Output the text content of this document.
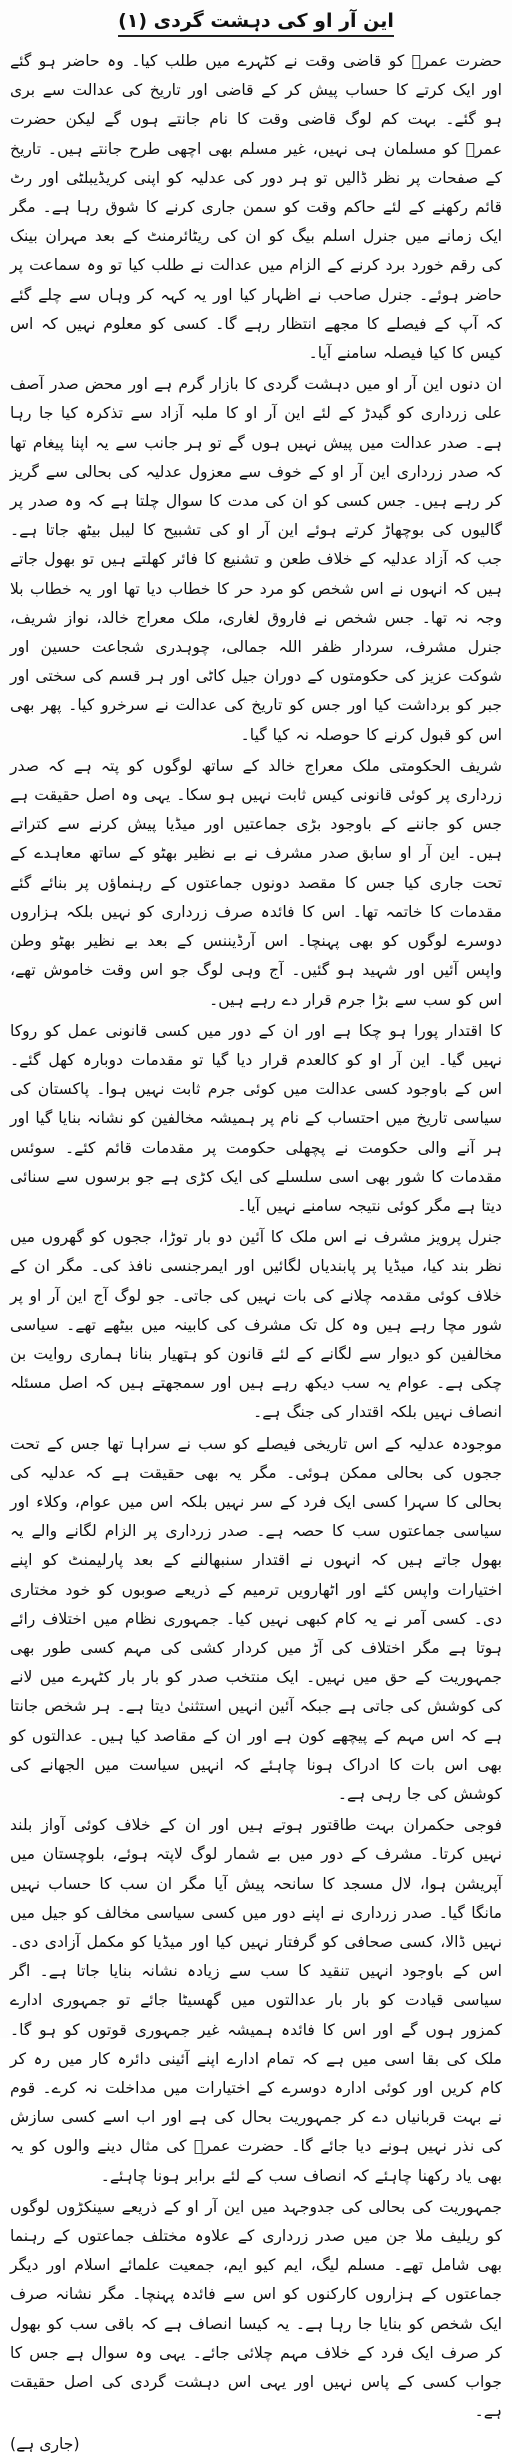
این آر او کی دہشت گردی (۱)

حضرت عمرؓ کو قاضی وقت نے کٹہرے میں طلب کیا۔ وہ حاضر ہو گئے اور ایک کرتے کا حساب پیش کر کے قاضی اور تاریخ کی عدالت سے بری ہو گئے۔ بہت کم لوگ قاضی وقت کا نام جانتے ہوں گے لیکن حضرت عمرؓ کو مسلمان ہی نہیں، غیر مسلم بھی اچھی طرح جانتے ہیں۔ تاریخ کے صفحات پر نظر ڈالیں تو ہر دور کی عدلیہ کو اپنی کریڈیبلٹی اور رٹ قائم رکھنے کے لئے حاکم وقت کو سمن جاری کرنے کا شوق رہا ہے۔ مگر ایک زمانے میں جنرل اسلم بیگ کو ان کی ریٹائرمنٹ کے بعد مہران بینک کی رقم خورد برد کرنے کے الزام میں عدالت نے طلب کیا تو وہ سماعت پر حاضر ہوئے۔ جنرل صاحب نے اظہار کیا اور یہ کہہ کر وہاں سے چلے گئے کہ آپ کے فیصلے کا مجھے انتظار رہے گا۔ کسی کو معلوم نہیں کہ اس کیس کا کیا فیصلہ سامنے آیا۔

ان دنوں این آر او میں دہشت گردی کا بازار گرم ہے اور محض صدر آصف علی زرداری کو گیدڑ کے لئے این آر او کا ملبہ آزاد سے تذکرہ کیا جا رہا ہے۔ صدر عدالت میں پیش نہیں ہوں گے تو ہر جانب سے یہ اپنا پیغام تھا کہ صدر زرداری این آر او کے خوف سے معزول عدلیہ کی بحالی سے گریز کر رہے ہیں۔ جس کسی کو ان کی مدت کا سوال چلتا ہے کہ وہ صدر پر گالیوں کی بوچھاڑ کرتے ہوئے این آر او کی تشبیح کا لیبل بیٹھ جاتا ہے۔ جب کہ آزاد عدلیہ کے خلاف طعن و تشنیع کا فائر کھلتے ہیں تو بھول جاتے ہیں کہ انہوں نے اس شخص کو مرد حر کا خطاب دیا تھا اور یہ خطاب بلا وجہ نہ تھا۔ جس شخص نے فاروق لغاری، ملک معراج خالد، نواز شریف، جنرل مشرف، سردار ظفر اللہ جمالی، چوہدری شجاعت حسین اور شوکت عزیز کی حکومتوں کے دوران جیل کاٹی اور ہر قسم کی سختی اور جبر کو برداشت کیا اور جس کو تاریخ کی عدالت نے سرخرو کیا۔ پھر بھی اس کو قبول کرنے کا حوصلہ نہ کیا گیا۔

شریف الحکومتی ملک معراج خالد کے ساتھ لوگوں کو پتہ ہے کہ صدر زرداری پر کوئی قانونی کیس ثابت نہیں ہو سکا۔ یہی وہ اصل حقیقت ہے جس کو جاننے کے باوجود بڑی جماعتیں اور میڈیا پیش کرنے سے کتراتے ہیں۔ این آر او سابق صدر مشرف نے بے نظیر بھٹو کے ساتھ معاہدے کے تحت جاری کیا جس کا مقصد دونوں جماعتوں کے رہنماؤں پر بنائے گئے مقدمات کا خاتمہ تھا۔ اس کا فائدہ صرف زرداری کو نہیں بلکہ ہزاروں دوسرے لوگوں کو بھی پہنچا۔ اس آرڈیننس کے بعد بے نظیر بھٹو وطن واپس آئیں اور شہید ہو گئیں۔ آج وہی لوگ جو اس وقت خاموش تھے، اس کو سب سے بڑا جرم قرار دے رہے ہیں۔

کا اقتدار پورا ہو چکا ہے اور ان کے دور میں کسی قانونی عمل کو روکا نہیں گیا۔ این آر او کو کالعدم قرار دیا گیا تو مقدمات دوبارہ کھل گئے۔ اس کے باوجود کسی عدالت میں کوئی جرم ثابت نہیں ہوا۔ پاکستان کی سیاسی تاریخ میں احتساب کے نام پر ہمیشہ مخالفین کو نشانہ بنایا گیا اور ہر آنے والی حکومت نے پچھلی حکومت پر مقدمات قائم کئے۔ سوئس مقدمات کا شور بھی اسی سلسلے کی ایک کڑی ہے جو برسوں سے سنائی دیتا ہے مگر کوئی نتیجہ سامنے نہیں آیا۔

جنرل پرویز مشرف نے اس ملک کا آئین دو بار توڑا، ججوں کو گھروں میں نظر بند کیا، میڈیا پر پابندیاں لگائیں اور ایمرجنسی نافذ کی۔ مگر ان کے خلاف کوئی مقدمہ چلانے کی بات نہیں کی جاتی۔ جو لوگ آج این آر او پر شور مچا رہے ہیں وہ کل تک مشرف کی کابینہ میں بیٹھے تھے۔ سیاسی مخالفین کو دیوار سے لگانے کے لئے قانون کو ہتھیار بنانا ہماری روایت بن چکی ہے۔ عوام یہ سب دیکھ رہے ہیں اور سمجھتے ہیں کہ اصل مسئلہ انصاف نہیں بلکہ اقتدار کی جنگ ہے۔

موجودہ عدلیہ کے اس تاریخی فیصلے کو سب نے سراہا تھا جس کے تحت ججوں کی بحالی ممکن ہوئی۔ مگر یہ بھی حقیقت ہے کہ عدلیہ کی بحالی کا سہرا کسی ایک فرد کے سر نہیں بلکہ اس میں عوام، وکلاء اور سیاسی جماعتوں سب کا حصہ ہے۔ صدر زرداری پر الزام لگانے والے یہ بھول جاتے ہیں کہ انہوں نے اقتدار سنبھالنے کے بعد پارلیمنٹ کو اپنے اختیارات واپس کئے اور اٹھارویں ترمیم کے ذریعے صوبوں کو خود مختاری دی۔ کسی آمر نے یہ کام کبھی نہیں کیا۔ جمہوری نظام میں اختلاف رائے ہوتا ہے مگر اختلاف کی آڑ میں کردار کشی کی مہم کسی طور بھی جمہوریت کے حق میں نہیں۔ ایک منتخب صدر کو بار بار کٹہرے میں لانے کی کوشش کی جاتی ہے جبکہ آئین انہیں استثنیٰ دیتا ہے۔ ہر شخص جانتا ہے کہ اس مہم کے پیچھے کون ہے اور ان کے مقاصد کیا ہیں۔ عدالتوں کو بھی اس بات کا ادراک ہونا چاہئے کہ انہیں سیاست میں الجھانے کی کوشش کی جا رہی ہے۔

فوجی حکمران بہت طاقتور ہوتے ہیں اور ان کے خلاف کوئی آواز بلند نہیں کرتا۔ مشرف کے دور میں بے شمار لوگ لاپتہ ہوئے، بلوچستان میں آپریشن ہوا، لال مسجد کا سانحہ پیش آیا مگر ان سب کا حساب نہیں مانگا گیا۔ صدر زرداری نے اپنے دور میں کسی سیاسی مخالف کو جیل میں نہیں ڈالا، کسی صحافی کو گرفتار نہیں کیا اور میڈیا کو مکمل آزادی دی۔ اس کے باوجود انہیں تنقید کا سب سے زیادہ نشانہ بنایا جاتا ہے۔ اگر سیاسی قیادت کو بار بار عدالتوں میں گھسیٹا جائے تو جمہوری ادارے کمزور ہوں گے اور اس کا فائدہ ہمیشہ غیر جمہوری قوتوں کو ہو گا۔ ملک کی بقا اسی میں ہے کہ تمام ادارے اپنے آئینی دائرہ کار میں رہ کر کام کریں اور کوئی ادارہ دوسرے کے اختیارات میں مداخلت نہ کرے۔ قوم نے بہت قربانیاں دے کر جمہوریت بحال کی ہے اور اب اسے کسی سازش کی نذر نہیں ہونے دیا جائے گا۔ حضرت عمرؓ کی مثال دینے والوں کو یہ بھی یاد رکھنا چاہئے کہ انصاف سب کے لئے برابر ہونا چاہئے۔

جمہوریت کی بحالی کی جدوجہد میں این آر او کے ذریعے سینکڑوں لوگوں کو ریلیف ملا جن میں صدر زرداری کے علاوہ مختلف جماعتوں کے رہنما بھی شامل تھے۔ مسلم لیگ، ایم کیو ایم، جمعیت علمائے اسلام اور دیگر جماعتوں کے ہزاروں کارکنوں کو اس سے فائدہ پہنچا۔ مگر نشانہ صرف ایک شخص کو بنایا جا رہا ہے۔ یہ کیسا انصاف ہے کہ باقی سب کو بھول کر صرف ایک فرد کے خلاف مہم چلائی جائے۔ یہی وہ سوال ہے جس کا جواب کسی کے پاس نہیں اور یہی اس دہشت گردی کی اصل حقیقت ہے۔

(جاری ہے)
